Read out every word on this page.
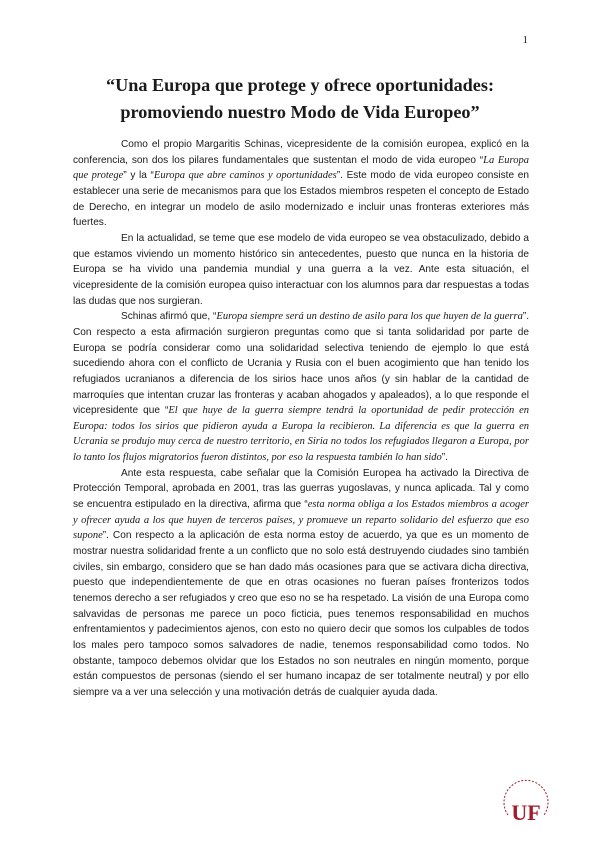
1
“Una Europa que protege y ofrece oportunidades: promoviendo nuestro Modo de Vida Europeo”

Como el propio Margaritis Schinas, vicepresidente de la comisión europea, explicó en la conferencia, son dos los pilares fundamentales que sustentan el modo de vida europeo “La Europa que protege” y la “Europa que abre caminos y oportunidades”. Este modo de vida europeo consiste en establecer una serie de mecanismos para que los Estados miembros respeten el concepto de Estado de Derecho, en integrar un modelo de asilo modernizado e incluir unas fronteras exteriores más fuertes.

En la actualidad, se teme que ese modelo de vida europeo se vea obstaculizado, debido a que estamos viviendo un momento histórico sin antecedentes, puesto que nunca en la historia de Europa se ha vivido una pandemia mundial y una guerra a la vez. Ante esta situación, el vicepresidente de la comisión europea quiso interactuar con los alumnos para dar respuestas a todas las dudas que nos surgieran.

Schinas afirmó que, “Europa siempre será un destino de asilo para los que huyen de la guerra”. Con respecto a esta afirmación surgieron preguntas como que si tanta solidaridad por parte de Europa se podría considerar como una solidaridad selectiva teniendo de ejemplo lo que está sucediendo ahora con el conflicto de Ucrania y Rusia con el buen acogimiento que han tenido los refugiados ucranianos a diferencia de los sirios hace unos años (y sin hablar de la cantidad de marroquíes que intentan cruzar las fronteras y acaban ahogados y apaleados), a lo que responde el vicepresidente que “El que huye de la guerra siempre tendrá la oportunidad de pedir protección en Europa: todos los sirios que pidieron ayuda a Europa la recibieron. La diferencia es que la guerra en Ucrania se produjo muy cerca de nuestro territorio, en Siria no todos los refugiados llegaron a Europa, por lo tanto los flujos migratorios fueron distintos, por eso la respuesta también lo han sido”.

Ante esta respuesta, cabe señalar que la Comisión Europea ha activado la Directiva de Protección Temporal, aprobada en 2001, tras las guerras yugoslavas, y nunca aplicada. Tal y como se encuentra estipulado en la directiva, afirma que “esta norma obliga a los Estados miembros a acoger y ofrecer ayuda a los que huyen de terceros países, y promueve un reparto solidario del esfuerzo que eso supone”. Con respecto a la aplicación de esta norma estoy de acuerdo, ya que es un momento de mostrar nuestra solidaridad frente a un conflicto que no solo está destruyendo ciudades sino también civiles, sin embargo, considero que se han dado más ocasiones para que se activara dicha directiva, puesto que independientemente de que en otras ocasiones no fueran países fronterizos todos tenemos derecho a ser refugiados y creo que eso no se ha respetado. La visión de una Europa como salvavidas de personas me parece un poco ficticia, pues tenemos responsabilidad en muchos enfrentamientos y padecimientos ajenos, con esto no quiero decir que somos los culpables de todos los males pero tampoco somos salvadores de nadie, tenemos responsabilidad como todos. No obstante, tampoco debemos olvidar que los Estados no son neutrales en ningún momento, porque están compuestos de personas (siendo el ser humano incapaz de ser totalmente neutral) y por ello siempre va a ver una selección y una motivación detrás de cualquier ayuda dada.

UF
